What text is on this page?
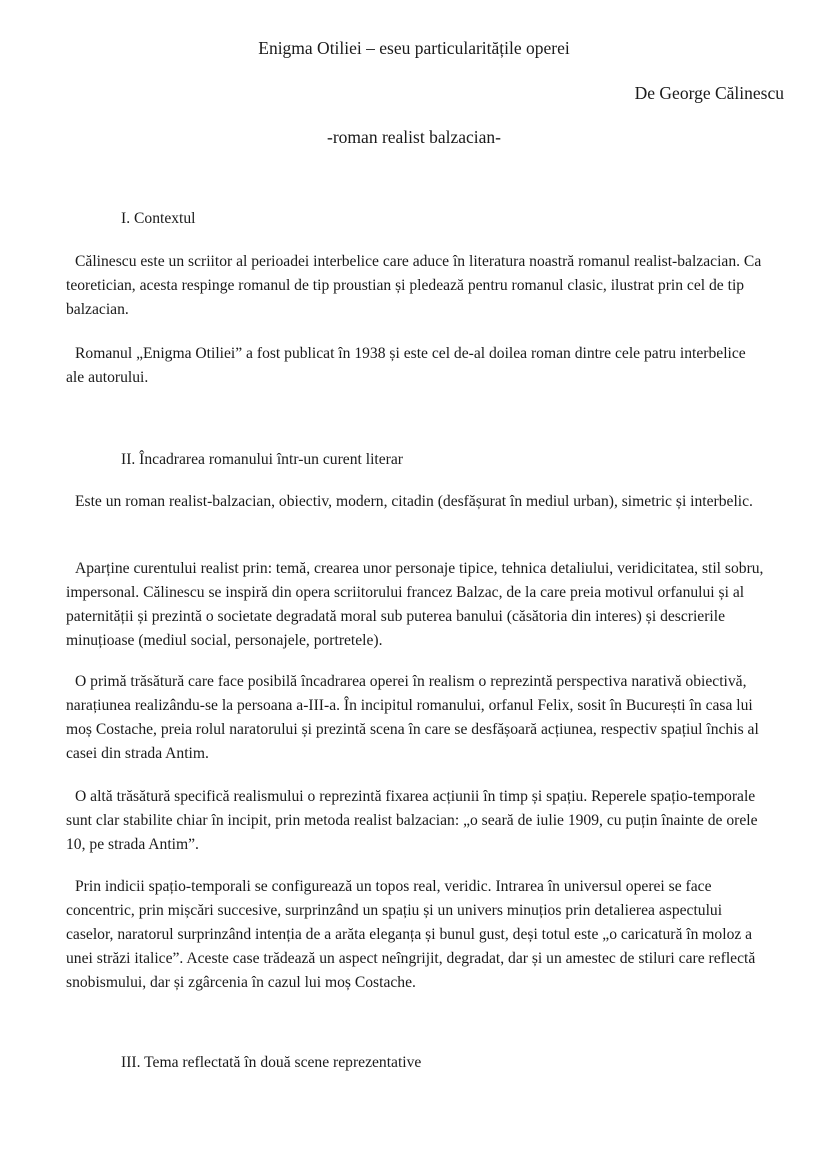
Enigma Otiliei – eseu particularitățile operei

De George Călinescu

-roman realist balzacian-

I. Contextul

Călinescu este un scriitor al perioadei interbelice care aduce în literatura noastră romanul realist-balzacian. Ca teoretician, acesta respinge romanul de tip proustian și pledează pentru romanul clasic, ilustrat prin cel de tip balzacian.

Romanul „Enigma Otiliei” a fost publicat în 1938 și este cel de-al doilea roman dintre cele patru interbelice ale autorului.

II. Încadrarea romanului într-un curent literar

Este un roman realist-balzacian, obiectiv, modern, citadin (desfășurat în mediul urban), simetric și interbelic.

Aparține curentului realist prin: temă, crearea unor personaje tipice, tehnica detaliului, veridicitatea, stil sobru, impersonal. Călinescu se inspiră din opera scriitorului francez Balzac, de la care preia motivul orfanului și al paternității și prezintă o societate degradată moral sub puterea banului (căsătoria din interes) și descrierile minuțioase (mediul social, personajele, portretele).

O primă trăsătură care face posibilă încadrarea operei în realism o reprezintă perspectiva narativă obiectivă, narațiunea realizându-se la persoana a-III-a. În incipitul romanului, orfanul Felix, sosit în București în casa lui moș Costache, preia rolul naratorului și prezintă scena în care se desfășoară acțiunea, respectiv spațiul închis al casei din strada Antim.

O altă trăsătură specifică realismului o reprezintă fixarea acțiunii în timp și spațiu. Reperele spațio-temporale sunt clar stabilite chiar în incipit, prin metoda realist balzacian: „o seară de iulie 1909, cu puțin înainte de orele 10, pe strada Antim”.

Prin indicii spațio-temporali se configurează un topos real, veridic. Intrarea în universul operei se face concentric, prin mișcări succesive, surprinzând un spațiu și un univers minuțios prin detalierea aspectului caselor, naratorul surprinzând intenția de a arăta eleganța și bunul gust, deși totul este „o caricatură în moloz a unei străzi italice”. Aceste case trădează un aspect neîngrijit, degradat, dar și un amestec de stiluri care reflectă snobismului, dar și zgârcenia în cazul lui moș Costache.

III. Tema reflectată în două scene reprezentative
